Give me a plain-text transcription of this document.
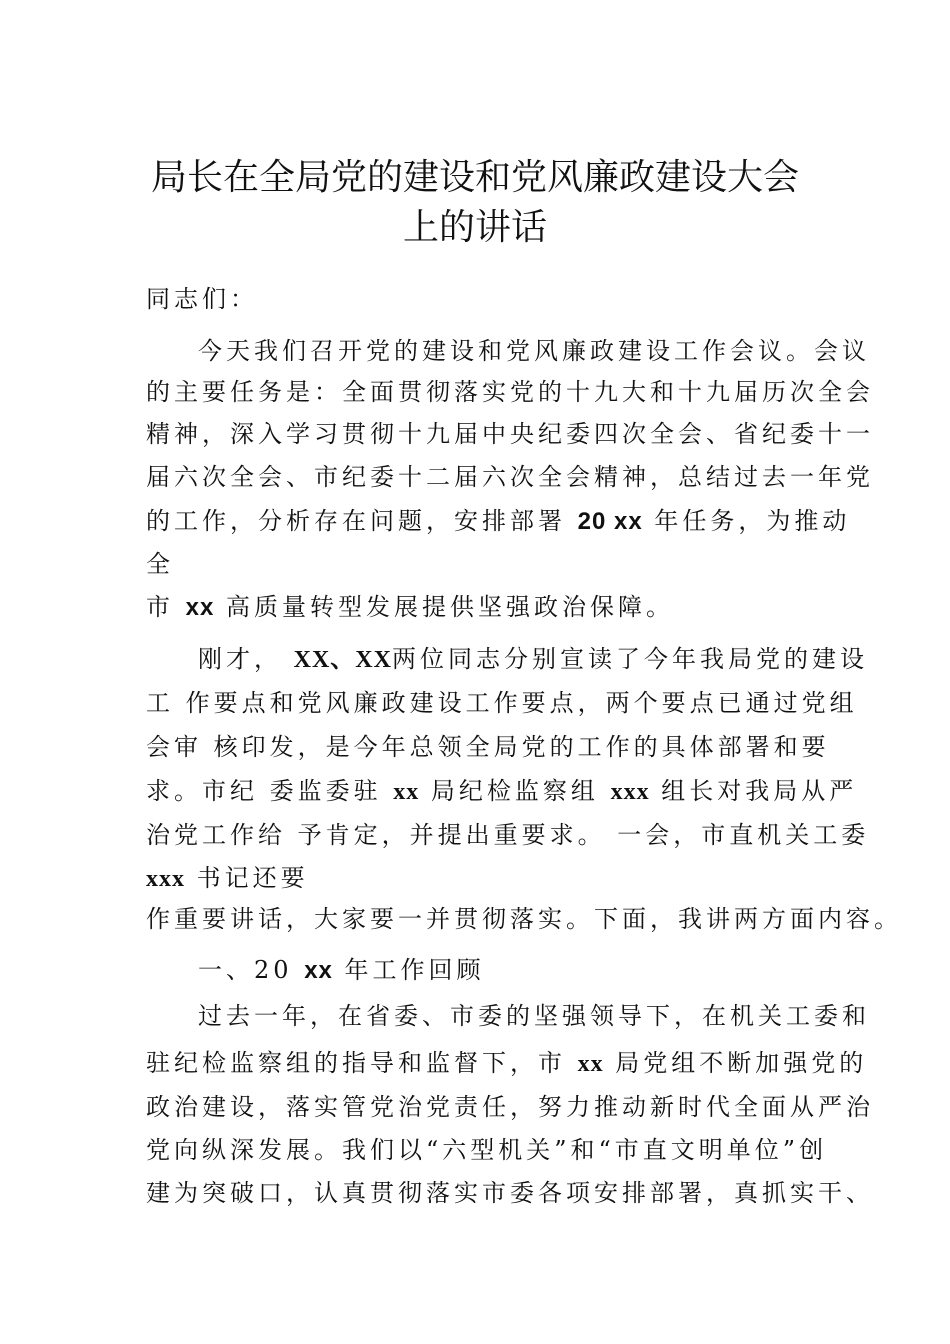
局长在全局党的建设和党风廉政建设大会
上的讲话
同志们：
今天我们召开党的建设和党风廉政建设工作会议。会议
的主要任务是：全面贯彻落实党的十九大和十九届历次全会
精神，深入学习贯彻十九届中央纪委四次全会、省纪委十一
届六次全会、市纪委十二届六次全会精神，总结过去一年党
的工作，分析存在问题，安排部署 20 xx 年任务，为推动
全
市 xx 高质量转型发展提供坚强政治保障。
刚才， XX、XX两位同志分别宣读了今年我局党的建设
工 作要点和党风廉政建设工作要点，两个要点已通过党组
会审 核印发，是今年总领全局党的工作的具体部署和要
求。市纪 委监委驻 xx 局纪检监察组 xxx 组长对我局从严
治党工作给 予肯定，并提出重要求。 一会，市直机关工委
xxx 书记还要
作重要讲话，大家要一并贯彻落实。下面，我讲两方面内容。
一、20 xx 年工作回顾
过去一年，在省委、市委的坚强领导下，在机关工委和
驻纪检监察组的指导和监督下，市 xx 局党组不断加强党的
政治建设，落实管党治党责任，努力推动新时代全面从严治
党向纵深发展。我们以“六型机关”和“市直文明单位”创
建为突破口，认真贯彻落实市委各项安排部署，真抓实干、
